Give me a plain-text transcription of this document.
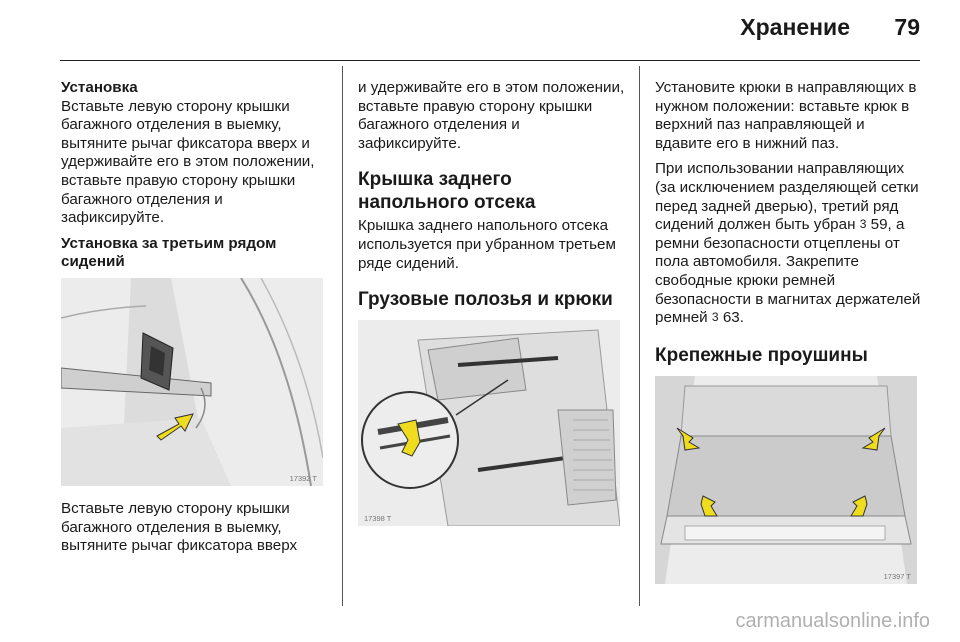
Хранение	79
Установка

Вставьте левую сторону крышки багажного отделения в выемку, вытяните рычаг фиксатора вверх и удерживайте его в этом положении, вставьте правую сторону крышки багажного отделения и зафиксируйте.

Установка за третьим рядом сидений
17392 T

Вставьте левую сторону крышки багажного отделения в выемку, вытяните рычаг фиксатора вверх

и удерживайте его в этом положении, вставьте правую сторону крышки багажного отделения и зафиксируйте.

Крышка заднего напольного отсека

Крышка заднего напольного отсека используется при убранном третьем ряде сидений.

Грузовые полозья и крюки
17398 T

Установите крюки в направляющих в нужном положении: вставьте крюк в верхний паз направляющей и вдавите его в нижний паз.

При использовании направляющих (за исключением разделяющей сетки перед задней дверью), третий ряд сидений должен быть убран 3 59, а ремни безопасности отцеплены от пола автомобиля. Закрепите свободные крюки ремней безопасности в магнитах держателей ремней 3 63.

Крепежные проушины
17397 T
carmanualsonline.info
